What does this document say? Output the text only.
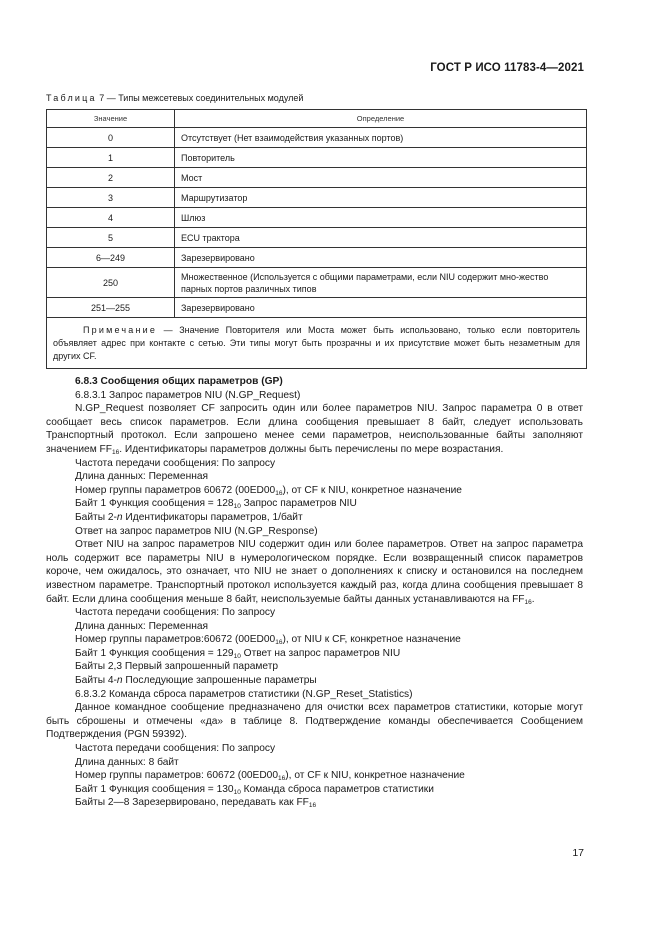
ГОСТ Р ИСО 11783-4—2021
Таблица 7 — Типы межсетевых соединительных модулей
Значение	Определение
0	Отсутствует (Нет взаимодействия указанных портов)
1	Повторитель
2	Мост
3	Маршрутизатор
4	Шлюз
5	ECU трактора
6—249	Зарезервировано
250	Множественное (Используется с общими параметрами, если NIU содержит мно-жество парных портов различных типов
251—255	Зарезервировано
Примечание — Значение Повторителя или Моста может быть использовано, только если повторитель объявляет адрес при контакте с сетью. Эти типы могут быть прозрачны и их присутствие может быть незаметным для других CF.	

6.8.3 Сообщения общих параметров (GP)

6.8.3.1 Запрос параметров NIU (N.GP_Request)

N.GP_Request позволяет CF запросить один или более параметров NIU. Запрос параметра 0 в ответ сообщает весь список параметров. Если длина сообщения превышает 8 байт, следует использовать Транспортный протокол. Если запрошено менее семи параметров, неиспользованные байты заполняют значением $FF_{16}$. Идентификаторы параметров должны быть перечислены по мере возрастания.

Частота передачи сообщения: По запросу

Длина данных: Переменная

Номер группы параметров 60672 $(00ED00_{16})$, от CF к NIU, конкретное назначение

Байт 1 Функция сообщения = $128_{10}$ Запрос параметров NIU

Байты 2-n Идентификаторы параметров, 1/байт

Ответ на запрос параметров NIU (N.GP_Response)

Ответ NIU на запрос параметров NIU содержит один или более параметров. Ответ на запрос параметра ноль содержит все параметры NIU в нумерологическом порядке. Если возвращенный список параметров короче, чем ожидалось, это означает, что NIU не знает о дополнениях к списку и остановился на последнем известном параметре. Транспортный протокол используется каждый раз, когда длина сообщения превышает 8 байт. Если длина сообщения меньше 8 байт, неиспользуемые байты данных устанавливаются на $FF_{16}$.

Частота передачи сообщения: По запросу

Длина данных: Переменная

Номер группы параметров:60672 $(00ED00_{16})$, от NIU к CF, конкретное назначение

Байт 1 Функция сообщения = $129_{10}$ Ответ на запрос параметров NIU

Байты 2,3 Первый запрошенный параметр

Байты 4-n Последующие запрошенные параметры

6.8.3.2 Команда сброса параметров статистики (N.GP_Reset_Statistics)

Данное командное сообщение предназначено для очистки всех параметров статистики, которые могут быть сброшены и отмечены «да» в таблице 8. Подтверждение команды обеспечивается Сообщением Подтверждения (PGN 59392).

Частота передачи сообщения: По запросу

Длина данных: 8 байт

Номер группы параметров: 60672 $(00ED00_{16})$, от CF к NIU, конкретное назначение

Байт 1 Функция сообщения = $130_{10}$ Команда сброса параметров статистики

Байты 2—8 Зарезервировано, передавать как $FF_{16}$

17
